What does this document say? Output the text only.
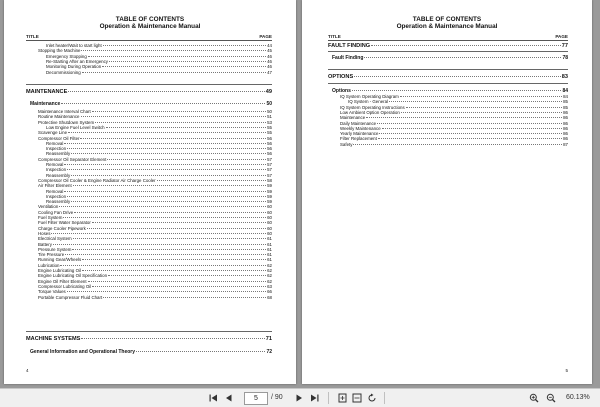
TABLE OF CONTENTS
Operation & Maintenance Manual
TITLE	PAGE
Inlet heater/Wait to start light	44
Stopping the Machine	45
Emergency Stopping	46
Re-Starting After an Emergency	46
Monitoring During Operation	46
Decommissioning	47
MAINTENANCE	49
Maintenance	50
Maintenance Interval Chart	50
Routine Maintenance	51
Protective Shutdown System	53
Low Engine Fuel Level Switch	55
Scavenge Line	55
Compressor Oil Filter	56
Removal	56
Inspection	56
Reassembly	56
Compressor Oil Separator Element	57
Removal	57
Inspection	57
Reassembly	57
Compressor Oil Cooler & Engine Radiator Air Charge Cooler	58
Air Filter Element	59
Removal	59
Inspection	59
Reassembly	59
Ventilation	60
Cooling Fan Drive	60
Fuel System	60
Fuel Filter Water Separator	60
Charge Cooler Pipework	60
Hoses	60
Electrical System	61
Battery	61
Pressure System	61
Tire Pressure	61
Running Gear/Wheels	61
Lubrication	62
Engine Lubricating Oil	62
Engine Lubricating Oil Specification	62
Engine Oil Filter Element	62
Compressor Lubricating Oil	63
Torque Values	66
Portable Compressor Fluid Chart	68
MACHINE SYSTEMS	71
General Information and Operational Theory	72
4
TABLE OF CONTENTS
Operation & Maintenance Manual
TITLE	PAGE
FAULT FINDING	77
Fault Finding	78
OPTIONS	83
Options	84
IQ System Operating Diagram	84
IQ System - General	85
IQ System Operating Instructions	85
Low Ambient Option Operation	86
Maintenance	86
Daily Maintenance	86
Weekly Maintenance	86
Yearly Maintenance	86
Filter Replacement	86
Safety	87
5
5
/ 90	60.13%
